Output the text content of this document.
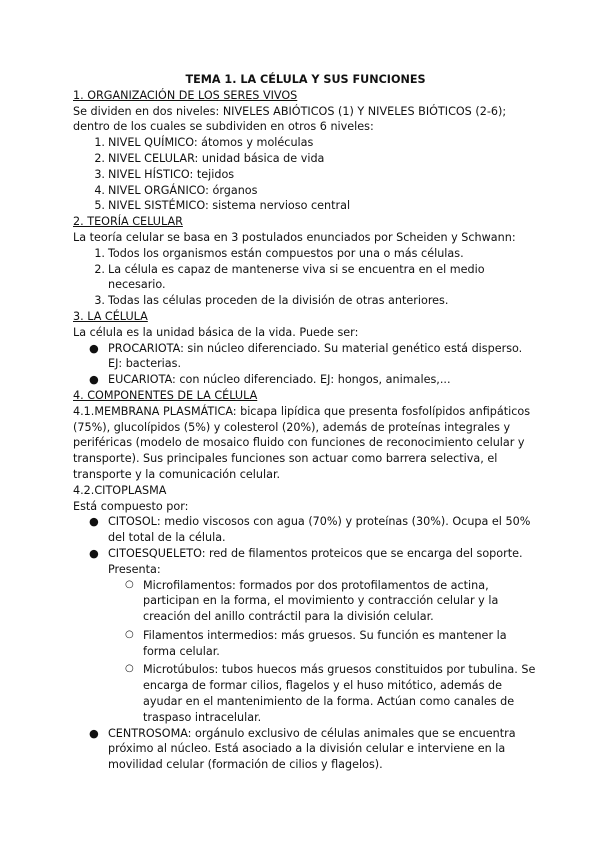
TEMA 1. LA CÉLULA Y SUS FUNCIONES

1. ORGANIZACIÓN DE LOS SERES VIVOS

Se dividen en dos niveles: NIVELES ABIÓTICOS (1) Y NIVELES BIÓTICOS (2-6); dentro de los cuales se subdividen en otros 6 niveles:

1. NIVEL QUÍMICO: átomos y moléculas
2. NIVEL CELULAR: unidad básica de vida
3. NIVEL HÍSTICO: tejidos
4. NIVEL ORGÁNICO: órganos
5. NIVEL SISTÉMICO: sistema nervioso central

2. TEORÍA CELULAR

La teoría celular se basa en 3 postulados enunciados por Scheiden y Schwann:

1. Todos los organismos están compuestos por una o más células.
2. La célula es capaz de mantenerse viva si se encuentra en el medio necesario.
3. Todas las células proceden de la división de otras anteriores.

3. LA CÉLULA

La célula es la unidad básica de la vida. Puede ser:

● PROCARIOTA: sin núcleo diferenciado. Su material genético está disperso. EJ: bacterias.
● EUCARIOTA: con núcleo diferenciado. EJ: hongos, animales,...

4. COMPONENTES DE LA CÉLULA

4.1.MEMBRANA PLASMÁTICA: bicapa lipídica que presenta fosfolípidos anfipáticos (75%), glucolípidos (5%) y colesterol (20%), además de proteínas integrales y periféricas (modelo de mosaico fluido con funciones de reconocimiento celular y transporte). Sus principales funciones son actuar como barrera selectiva, el transporte y la comunicación celular.

4.2.CITOPLASMA

Está compuesto por:

● CITOSOL: medio viscosos con agua (70%) y proteínas (30%). Ocupa el 50% del total de la célula.
● CITOESQUELETO: red de filamentos proteicos que se encarga del soporte. Presenta:
○ Microfilamentos: formados por dos protofilamentos de actina, participan en la forma, el movimiento y contracción celular y la creación del anillo contráctil para la división celular.
○ Filamentos intermedios: más gruesos. Su función es mantener la forma celular.
○ Microtúbulos: tubos huecos más gruesos constituidos por tubulina. Se encarga de formar cilios, flagelos y el huso mitótico, además de ayudar en el mantenimiento de la forma. Actúan como canales de traspaso intracelular.
● CENTROSOMA: orgánulo exclusivo de células animales que se encuentra próximo al núcleo. Está asociado a la división celular e interviene en la movilidad celular (formación de cilios y flagelos).
